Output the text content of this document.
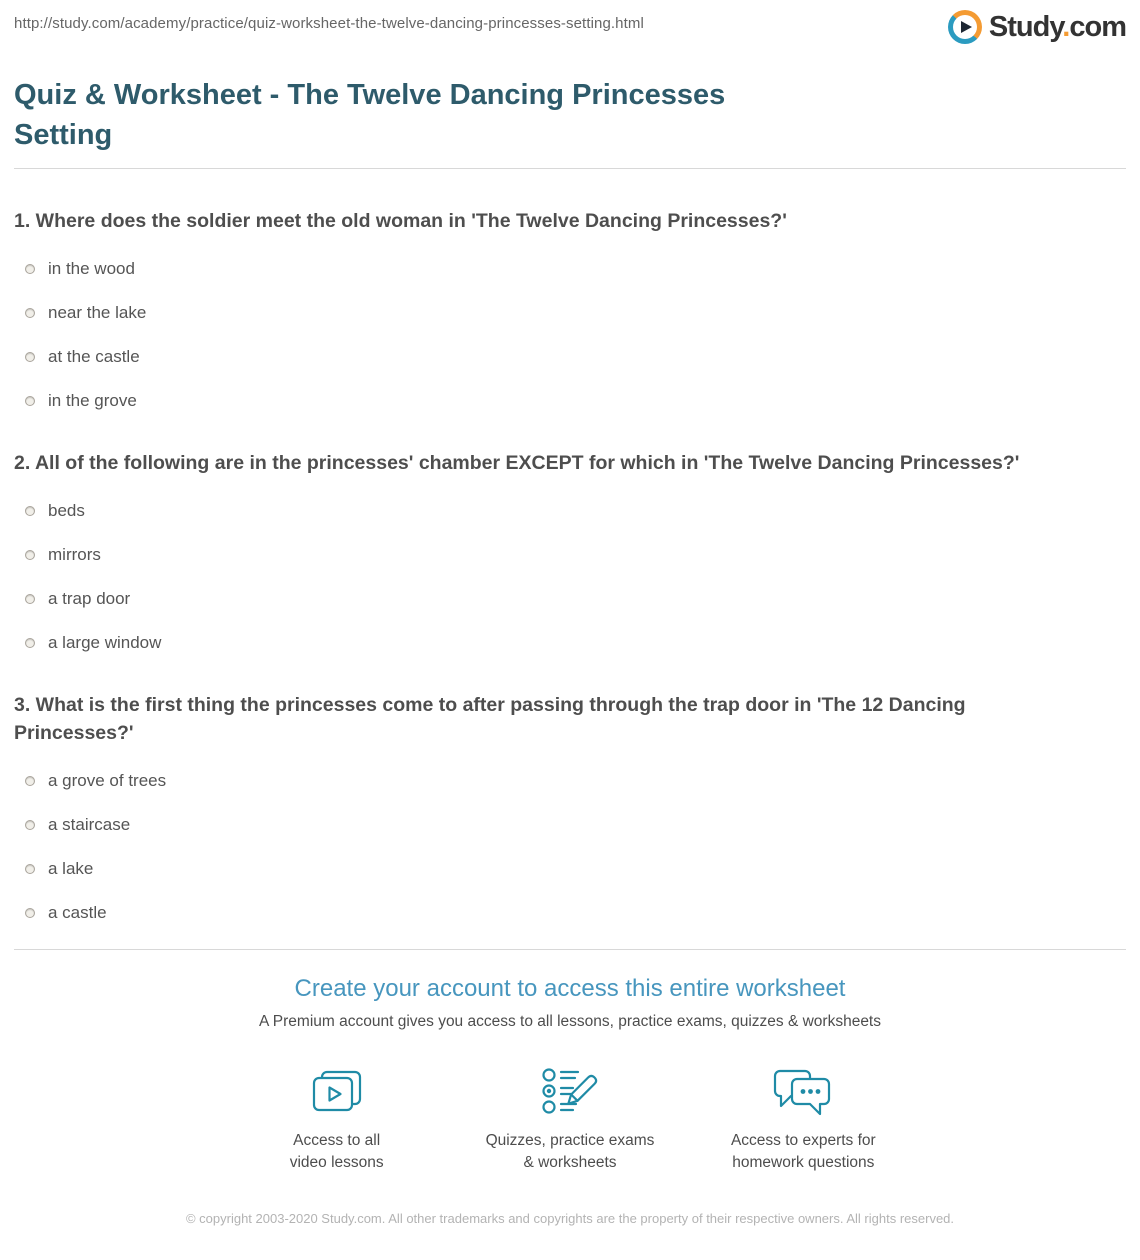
http://study.com/academy/practice/quiz-worksheet-the-twelve-dancing-princesses-setting.html	Study.com
Quiz & Worksheet - The Twelve Dancing Princesses Setting
1. Where does the soldier meet the old woman in 'The Twelve Dancing Princesses?'
in the wood
near the lake
at the castle
in the grove
2. All of the following are in the princesses' chamber EXCEPT for which in 'The Twelve Dancing Princesses?'
beds
mirrors
a trap door
a large window
3. What is the first thing the princesses come to after passing through the trap door in 'The 12 Dancing Princesses?'
a grove of trees
a staircase
a lake
a castle
Create your account to access this entire worksheet

A Premium account gives you access to all lessons, practice exams, quizzes & worksheets

Access to all
video lessons
Quizzes, practice exams
& worksheets
Access to experts for
homework questions

© copyright 2003-2020 Study.com. All other trademarks and copyrights are the property of their respective owners. All rights reserved.
